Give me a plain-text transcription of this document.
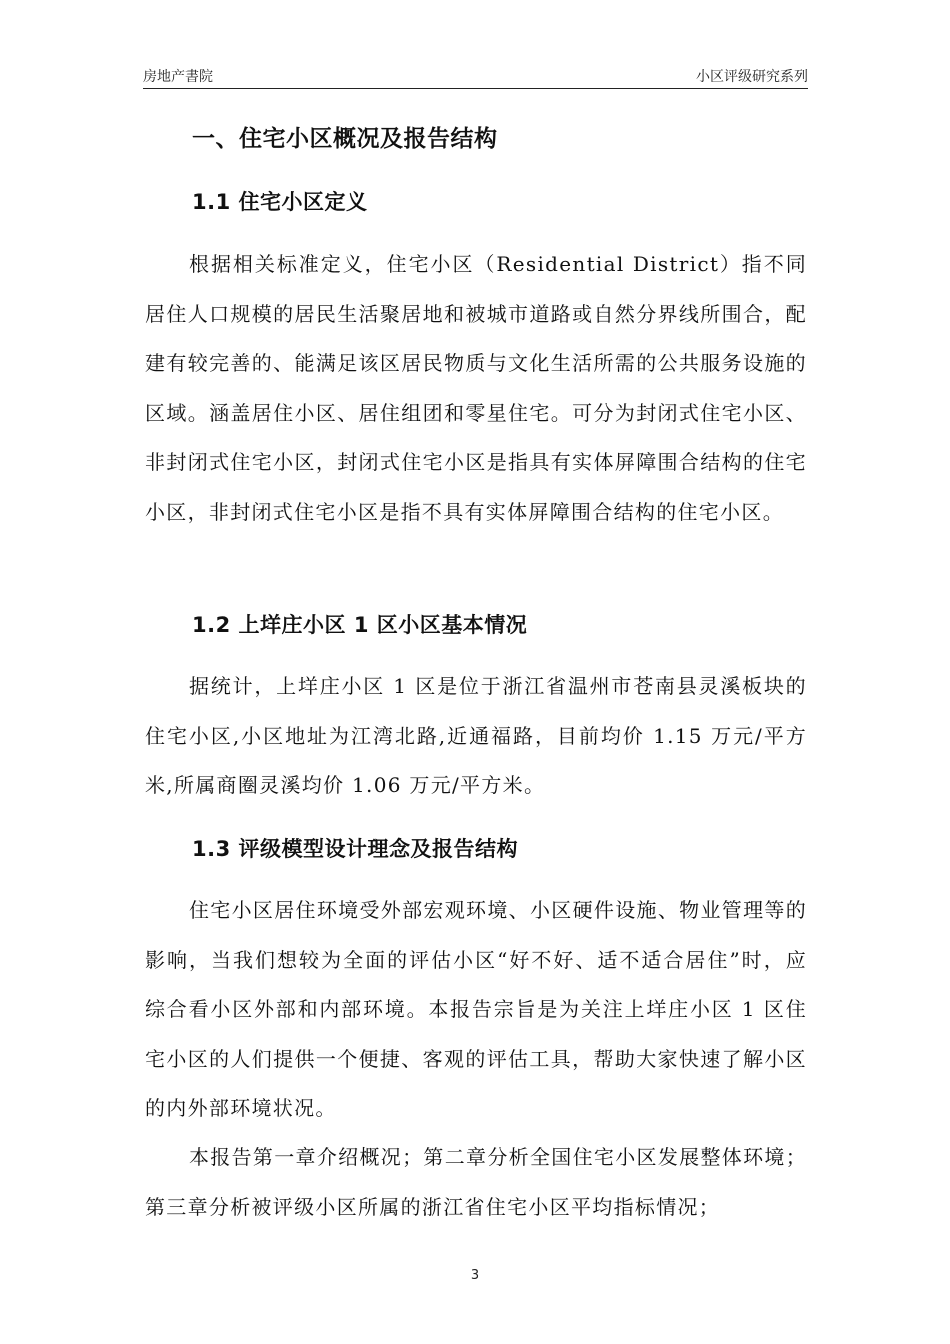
房地产書院	小区评级研究系列
一、住宅小区概况及报告结构
1.1 住宅小区定义

根据相关标准定义，住宅小区（Residential District）指不同居住人口规模的居民生活聚居地和被城市道路或自然分界线所围合，配建有较完善的、能满足该区居民物质与文化生活所需的公共服务设施的区域。涵盖居住小区、居住组团和零星住宅。可分为封闭式住宅小区、非封闭式住宅小区，封闭式住宅小区是指具有实体屏障围合结构的住宅小区，非封闭式住宅小区是指不具有实体屏障围合结构的住宅小区。

1.2 上垟庄小区 1 区小区基本情况

据统计，上垟庄小区 1 区是位于浙江省温州市苍南县灵溪板块的住宅小区,小区地址为江湾北路,近通福路，目前均价 1.15 万元/平方米,所属商圈灵溪均价 1.06 万元/平方米。

1.3 评级模型设计理念及报告结构

住宅小区居住环境受外部宏观环境、小区硬件设施、物业管理等的影响，当我们想较为全面的评估小区“好不好、适不适合居住”时，应综合看小区外部和内部环境。本报告宗旨是为关注上垟庄小区 1 区住宅小区的人们提供一个便捷、客观的评估工具，帮助大家快速了解小区的内外部环境状况。

本报告第一章介绍概况；第二章分析全国住宅小区发展整体环境；第三章分析被评级小区所属的浙江省住宅小区平均指标情况；

3
